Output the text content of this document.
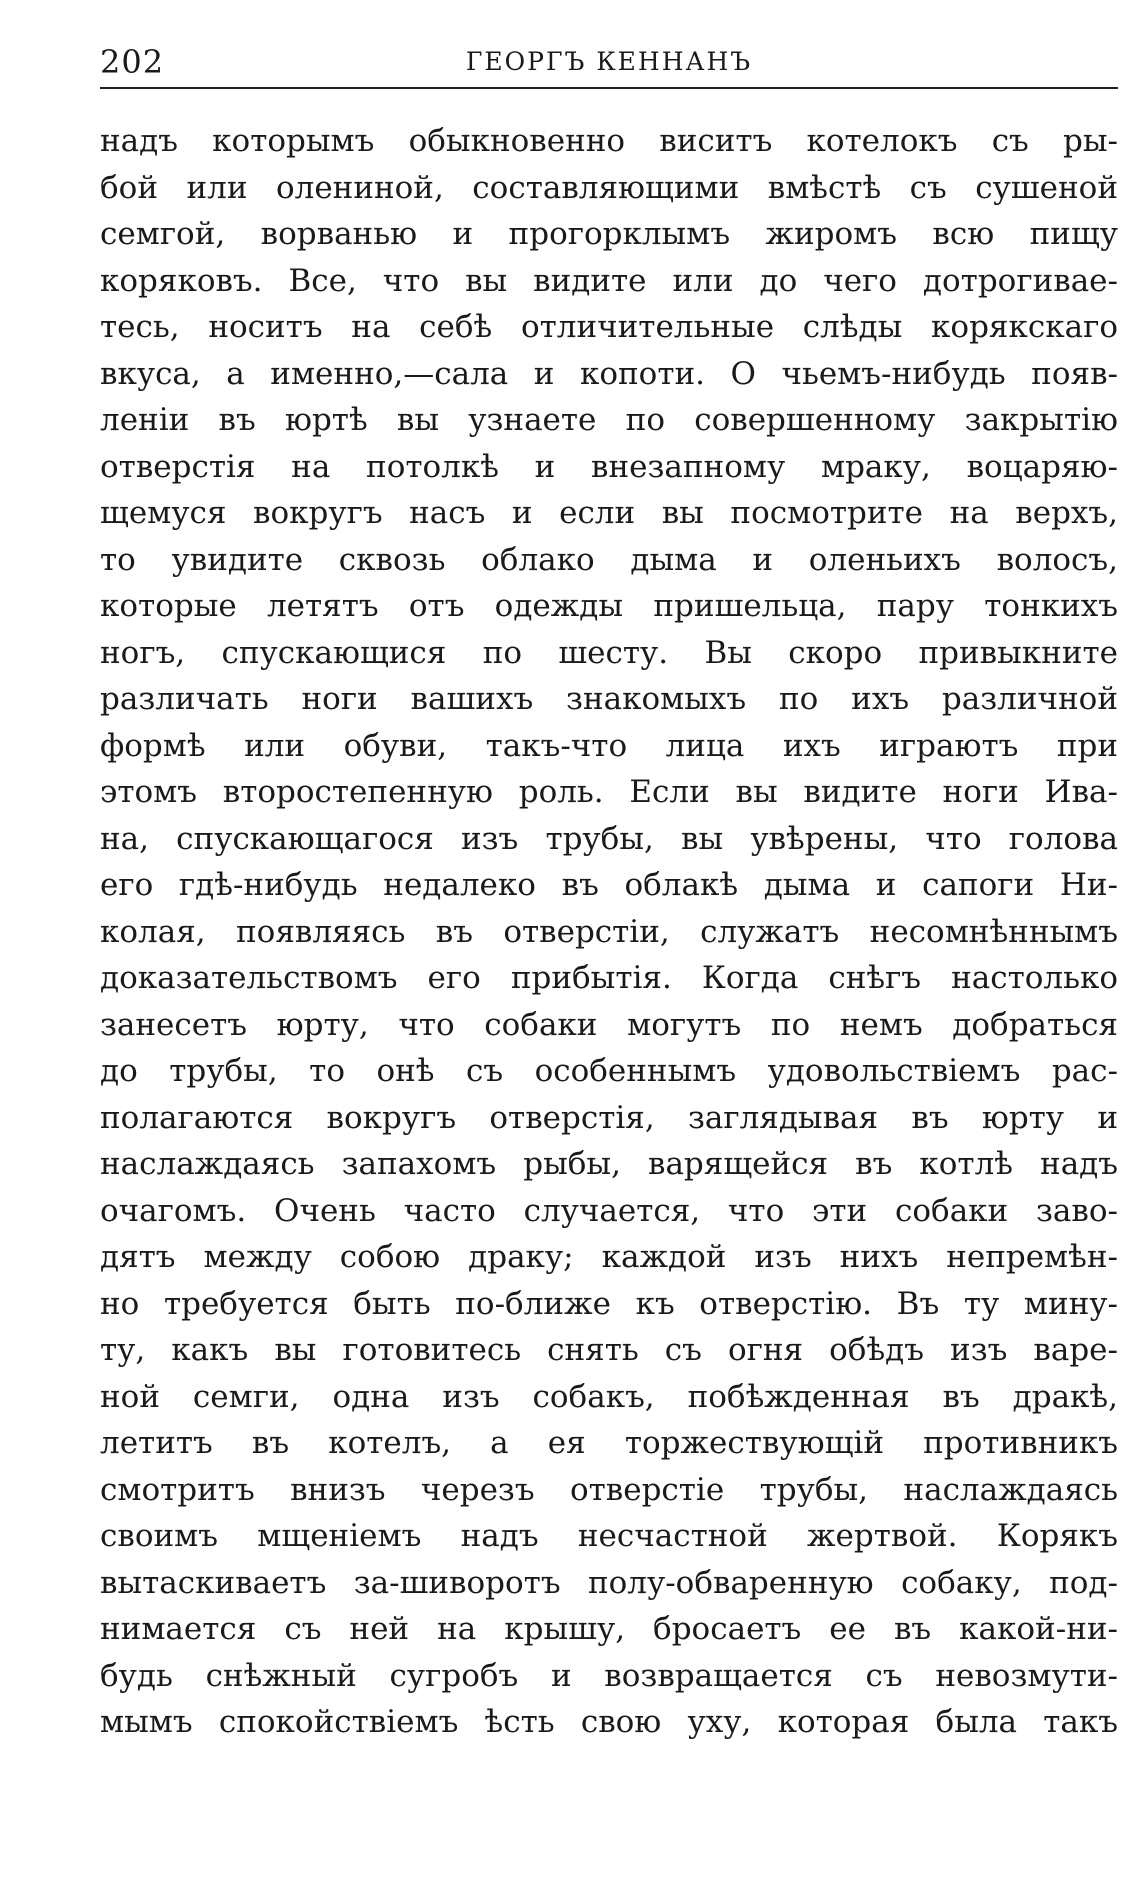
202	ГЕОРГЪ КЕННАНЪ
надъ которымъ обыкновенно виситъ котелокъ съ ры-
бой или олениной, составляющими вмѣстѣ съ сушеной
семгой, ворванью и прогорклымъ жиромъ всю пищу
коряковъ. Все, что вы видите или до чего дотрогивае-
тесь, носитъ на себѣ отличительные слѣды корякскаго
вкуса, а именно,—сала и копоти. О чьемъ-нибудь появ-
леніи въ юртѣ вы узнаете по совершенному закрытію
отверстія на потолкѣ и внезапному мраку, воцаряю-
щемуся вокругъ насъ и если вы посмотрите на верхъ,
то увидите сквозь облако дыма и оленьихъ волосъ,
которые летятъ отъ одежды пришельца, пару тонкихъ
ногъ, спускающися по шесту. Вы скоро привыкните
различать ноги вашихъ знакомыхъ по ихъ различной
формѣ или обуви, такъ-что лица ихъ играютъ при
этомъ второстепенную роль. Если вы видите ноги Ива-
на, спускающагося изъ трубы, вы увѣрены, что голова
его гдѣ-нибудь недалеко въ облакѣ дыма и сапоги Ни-
колая, появляясь въ отверстіи, служатъ несомнѣннымъ
доказательствомъ его прибытія. Когда снѣгъ настолько
занесетъ юрту, что собаки могутъ по немъ добраться
до трубы, то онѣ съ особеннымъ удовольствіемъ рас-
полагаются вокругъ отверстія, заглядывая въ юрту и
наслаждаясь запахомъ рыбы, варящейся въ котлѣ надъ
очагомъ. Очень часто случается, что эти собаки заво-
дятъ между собою драку; каждой изъ нихъ непремѣн-
но требуется быть по-ближе къ отверстію. Въ ту мину-
ту, какъ вы готовитесь снять съ огня обѣдъ изъ варе-
ной семги, одна изъ собакъ, побѣжденная въ дракѣ,
летитъ въ котелъ, а ея торжествующій противникъ
смотритъ внизъ черезъ отверстіе трубы, наслаждаясь
своимъ мщеніемъ надъ несчастной жертвой. Корякъ
вытаскиваетъ за-шиворотъ полу-обваренную собаку, под-
нимается съ ней на крышу, бросаетъ ее въ какой-ни-
будь снѣжный сугробъ и возвращается съ невозмути-
мымъ спокойствіемъ ѣсть свою уху, которая была такъ
